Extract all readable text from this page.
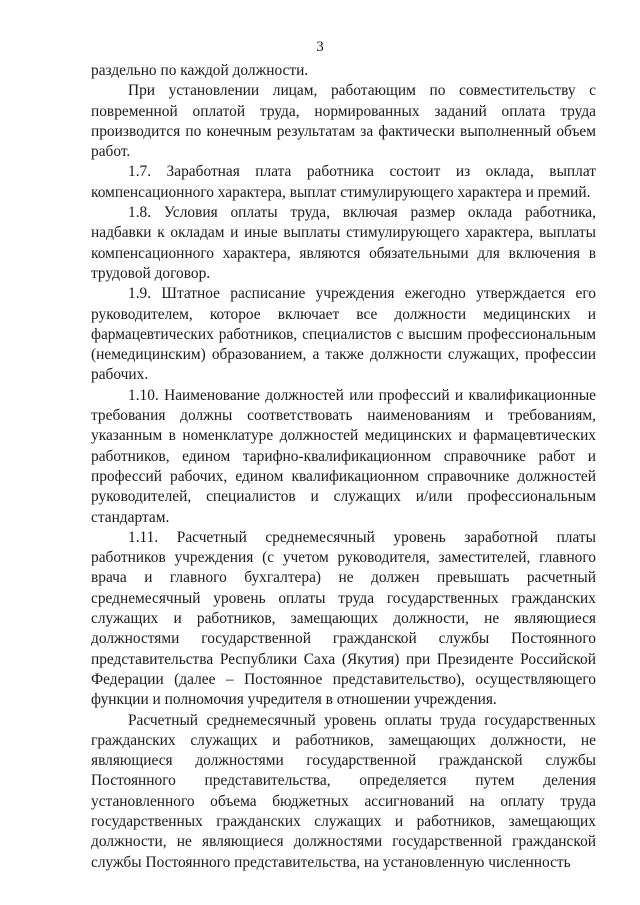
3

раздельно по каждой должности.

При установлении лицам, работающим по совместительству с повременной оплатой труда, нормированных заданий оплата труда производится по конечным результатам за фактически выполненный объем работ.

1.7. Заработная плата работника состоит из оклада, выплат компенсационного характера, выплат стимулирующего характера и премий.

1.8. Условия оплаты труда, включая размер оклада работника, надбавки к окладам и иные выплаты стимулирующего характера, выплаты компенсационного характера, являются обязательными для включения в трудовой договор.

1.9. Штатное расписание учреждения ежегодно утверждается его руководителем, которое включает все должности медицинских и фармацевтических работников, специалистов с высшим профессиональным (немедицинским) образованием, а также должности служащих, профессии рабочих.

1.10. Наименование должностей или профессий и квалификационные требования должны соответствовать наименованиям и требованиям, указанным в номенклатуре должностей медицинских и фармацевтических работников, едином тарифно-квалификационном справочнике работ и профессий рабочих, едином квалификационном справочнике должностей руководителей, специалистов и служащих и/или профессиональным стандартам.

1.11. Расчетный среднемесячный уровень заработной платы работников учреждения (с учетом руководителя, заместителей, главного врача и главного бухгалтера) не должен превышать расчетный среднемесячный уровень оплаты труда государственных гражданских служащих и работников, замещающих должности, не являющиеся должностями государственной гражданской службы Постоянного представительства Республики Саха (Якутия) при Президенте Российской Федерации (далее – Постоянное представительство), осуществляющего функции и полномочия учредителя в отношении учреждения.

Расчетный среднемесячный уровень оплаты труда государственных гражданских служащих и работников, замещающих должности, не являющиеся должностями государственной гражданской службы Постоянного представительства, определяется путем деления установленного объема бюджетных ассигнований на оплату труда государственных гражданских служащих и работников, замещающих должности, не являющиеся должностями государственной гражданской службы Постоянного представительства, на установленную численность
